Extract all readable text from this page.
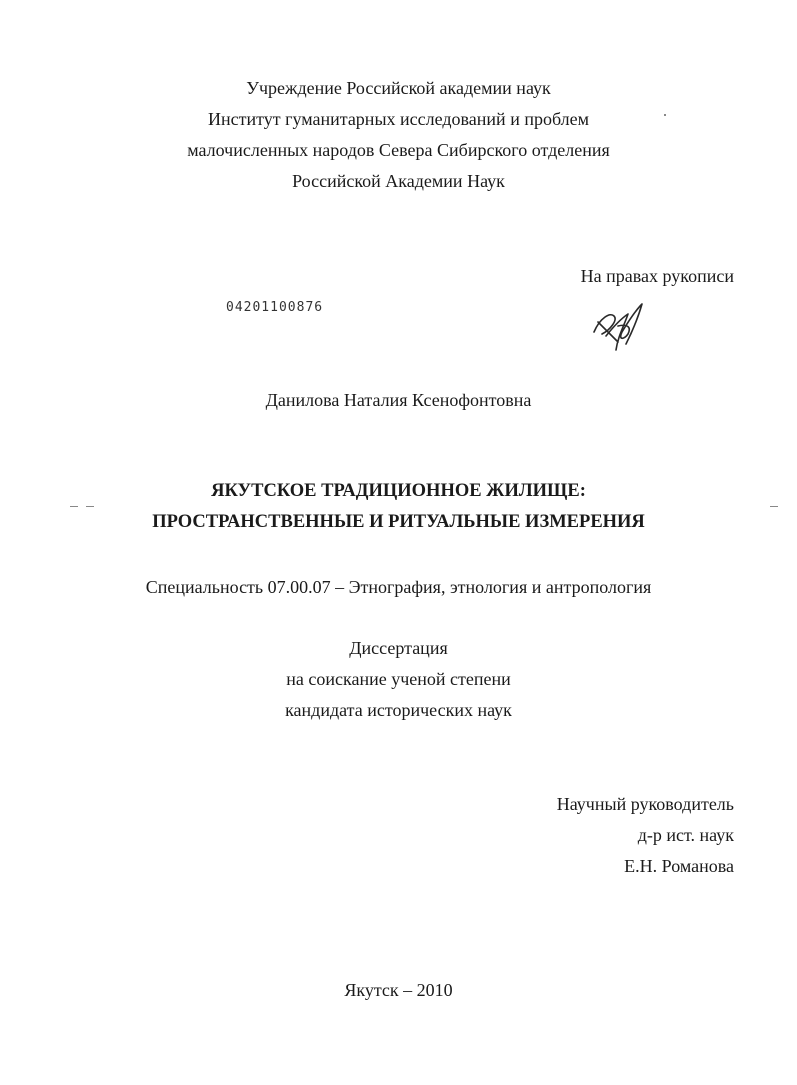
Учреждение Российской академии наук
Институт гуманитарных исследований и проблем
малочисленных народов Севера Сибирского отделения
Российской Академии Наук
На правах рукописи
04201100876
Данилова Наталия Ксенофонтовна
ЯКУТСКОЕ ТРАДИЦИОННОЕ ЖИЛИЩЕ:
ПРОСТРАНСТВЕННЫЕ И РИТУАЛЬНЫЕ ИЗМЕРЕНИЯ
Специальность 07.00.07 – Этнография, этнология и антропология
Диссертация
на соискание ученой степени
кандидата исторических наук
Научный руководитель
д-р ист. наук
Е.Н. Романова
Якутск – 2010
